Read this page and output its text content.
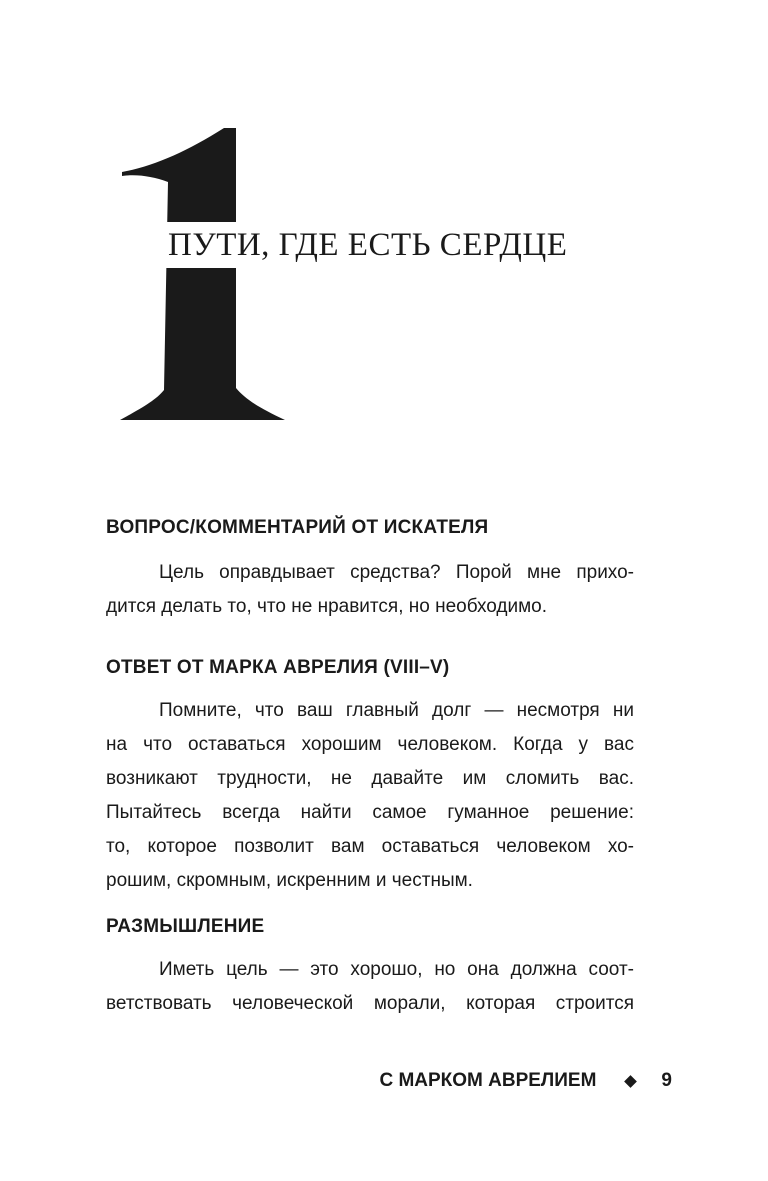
ПУТИ, ГДЕ ЕСТЬ СЕРДЦЕ
ВОПРОС/КОММЕНТАРИЙ ОТ ИСКАТЕЛЯ

Цель оправдывает средства? Порой мне прихо-
дится делать то, что не нравится, но необходимо.

ОТВЕТ ОТ МАРКА АВРЕЛИЯ (VIII–V)

Помните, что ваш главный долг — несмотря ни
на что оставаться хорошим человеком. Когда у вас
возникают трудности, не давайте им сломить вас.
Пытайтесь всегда найти самое гуманное решение:
то, которое позволит вам оставаться человеком хо-
рошим, скромным, искренним и честным.

РАЗМЫШЛЕНИЕ

Иметь цель — это хорошо, но она должна соот-
ветствовать человеческой морали, которая строится

С МАРКОМ АВРЕЛИЕМ	9
